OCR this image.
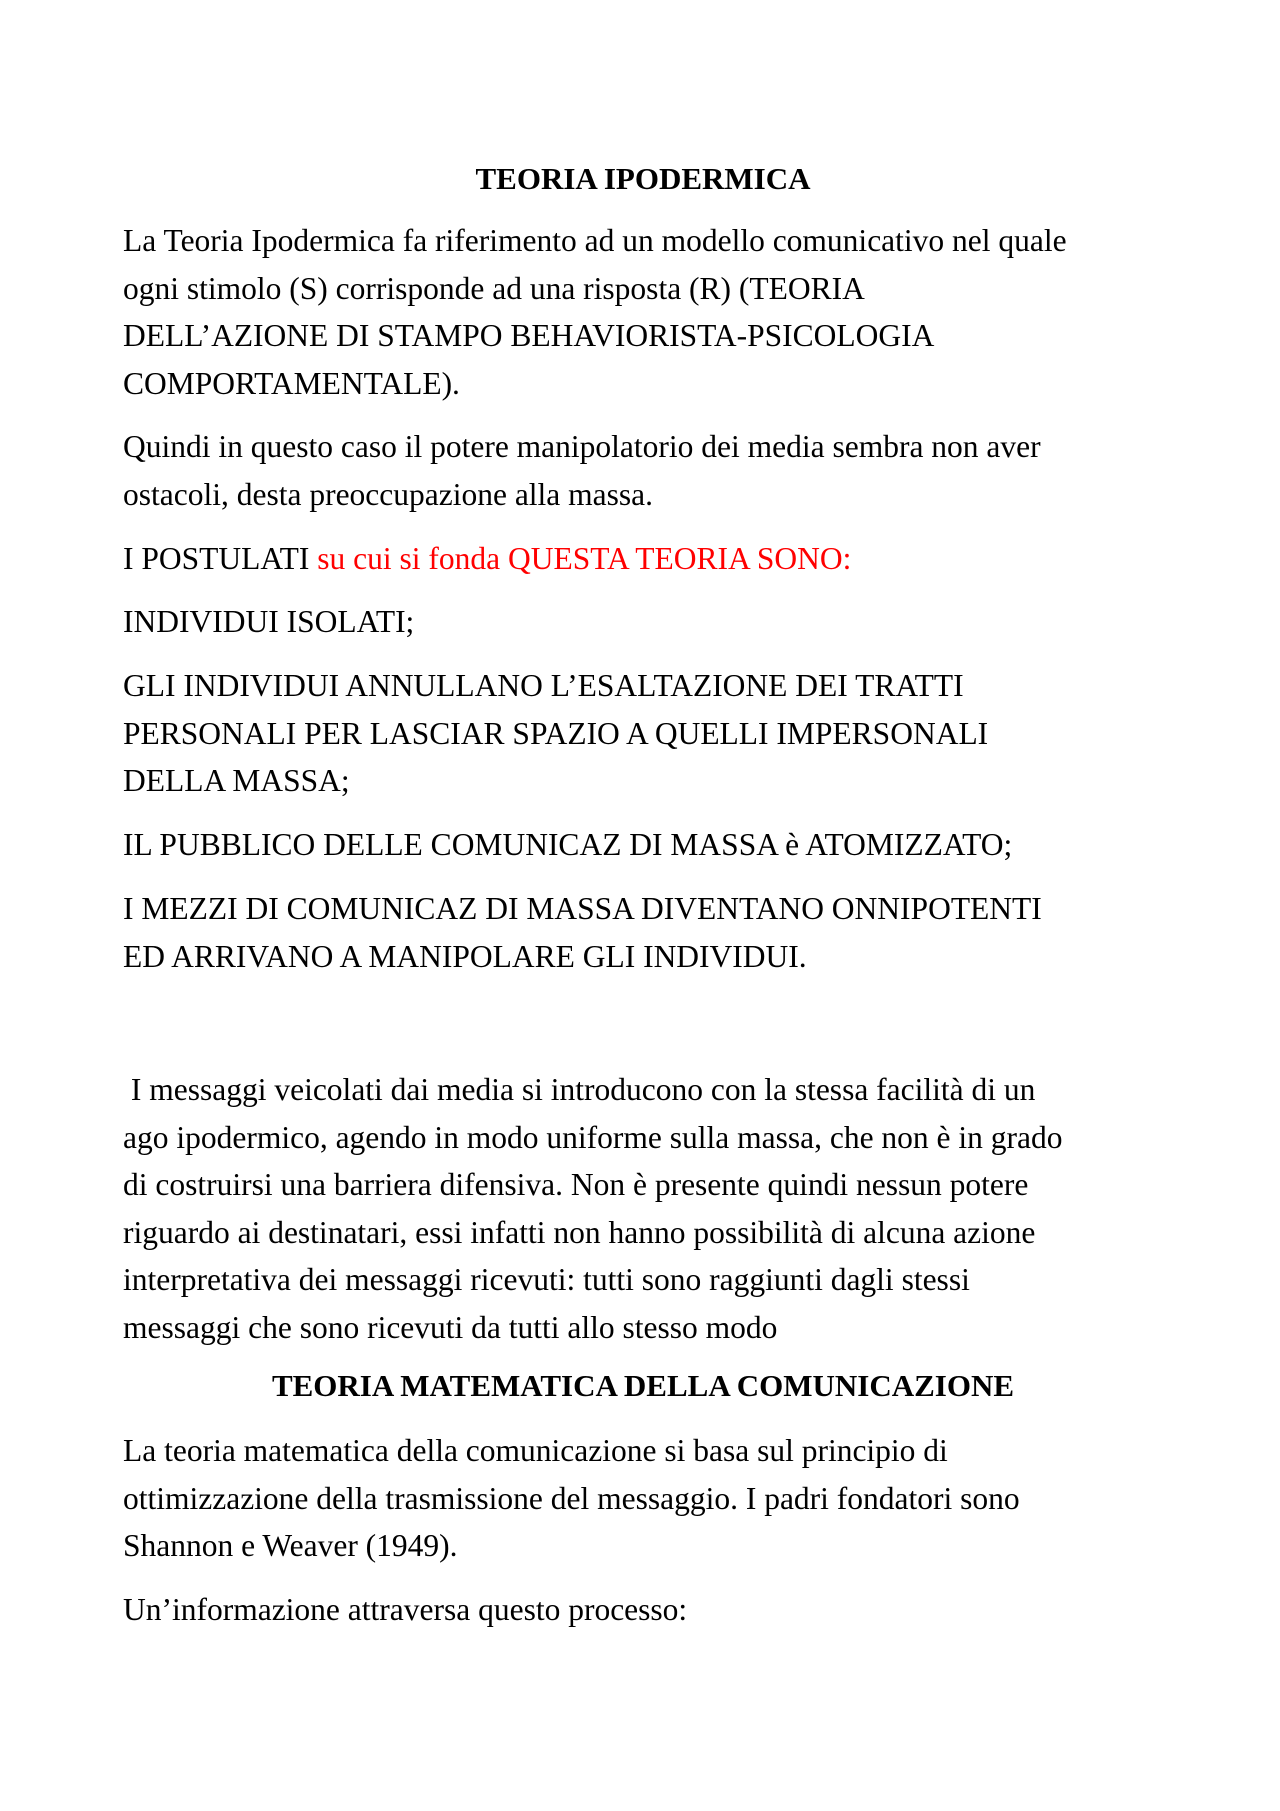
TEORIA IPODERMICA

La Teoria Ipodermica fa riferimento ad un modello comunicativo nel quale
ogni stimolo (S) corrisponde ad una risposta (R) (TEORIA
DELL’AZIONE DI STAMPO BEHAVIORISTA-PSICOLOGIA
COMPORTAMENTALE).

Quindi in questo caso il potere manipolatorio dei media sembra non aver
ostacoli, desta preoccupazione alla massa.

I POSTULATI su cui si fonda QUESTA TEORIA SONO:

INDIVIDUI ISOLATI;

GLI INDIVIDUI ANNULLANO L’ESALTAZIONE DEI TRATTI
PERSONALI PER LASCIAR SPAZIO A QUELLI IMPERSONALI
DELLA MASSA;

IL PUBBLICO DELLE COMUNICAZ DI MASSA è ATOMIZZATO;

I MEZZI DI COMUNICAZ DI MASSA DIVENTANO ONNIPOTENTI
ED ARRIVANO A MANIPOLARE GLI INDIVIDUI.

I messaggi veicolati dai media si introducono con la stessa facilità di un
ago ipodermico, agendo in modo uniforme sulla massa, che non è in grado
di costruirsi una barriera difensiva. Non è presente quindi nessun potere
riguardo ai destinatari, essi infatti non hanno possibilità di alcuna azione
interpretativa dei messaggi ricevuti: tutti sono raggiunti dagli stessi
messaggi che sono ricevuti da tutti allo stesso modo

TEORIA MATEMATICA DELLA COMUNICAZIONE

La teoria matematica della comunicazione si basa sul principio di
ottimizzazione della trasmissione del messaggio. I padri fondatori sono
Shannon e Weaver (1949).

Un’informazione attraversa questo processo:
